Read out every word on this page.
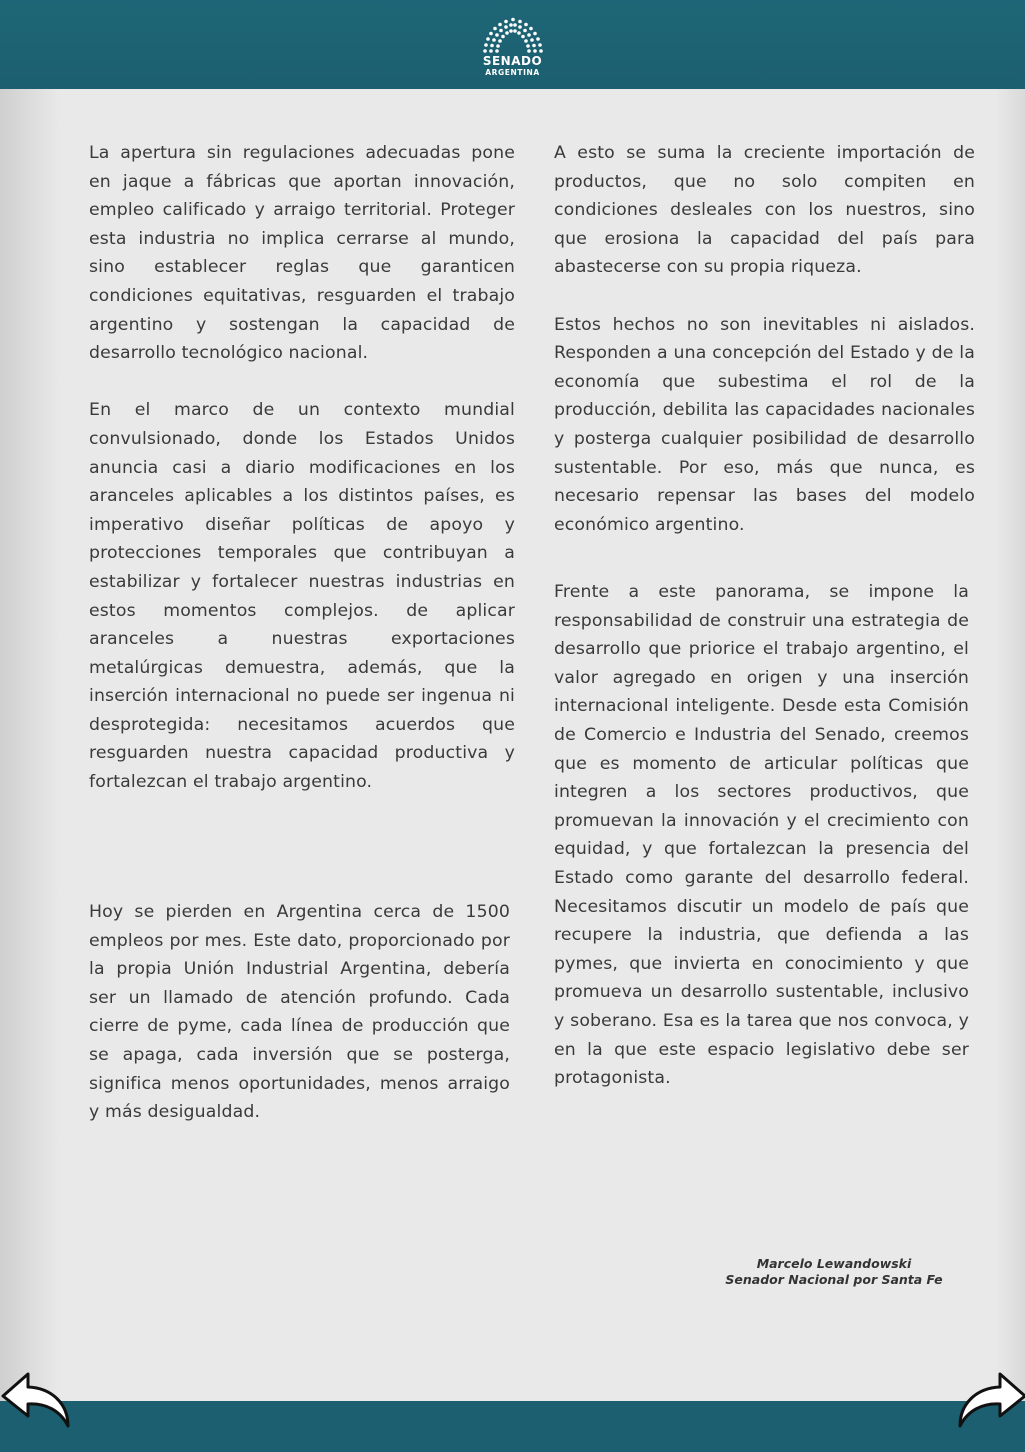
SENADO
ARGENTINA

La apertura sin regulaciones adecuadas pone en jaque a fábricas que aportan innovación, empleo calificado y arraigo territorial. Proteger esta industria no implica cerrarse al mundo, sino establecer reglas que garanticen condiciones equitativas, resguarden el trabajo argentino y sostengan la capacidad de desarrollo tecnológico nacional.

En el marco de un contexto mundial convulsionado, donde los Estados Unidos anuncia casi a diario modificaciones en los aranceles aplicables a los distintos países, es imperativo diseñar políticas de apoyo y protecciones temporales que contribuyan a estabilizar y fortalecer nuestras industrias en estos momentos complejos. de aplicar aranceles a nuestras exportaciones metalúrgicas demuestra, además, que la inserción internacional no puede ser ingenua ni desprotegida: necesitamos acuerdos que resguarden nuestra capacidad productiva y fortalezcan el trabajo argentino.

Hoy se pierden en Argentina cerca de 1500 empleos por mes. Este dato, proporcionado por la propia Unión Industrial Argentina, debería ser un llamado de atención profundo. Cada cierre de pyme, cada línea de producción que se apaga, cada inversión que se posterga, significa menos oportunidades, menos arraigo y más desigualdad.

A esto se suma la creciente importación de productos, que no solo compiten en condiciones desleales con los nuestros, sino que erosiona la capacidad del país para abastecerse con su propia riqueza.

Estos hechos no son inevitables ni aislados. Responden a una concepción del Estado y de la economía que subestima el rol de la producción, debilita las capacidades nacionales y posterga cualquier posibilidad de desarrollo sustentable. Por eso, más que nunca, es necesario repensar las bases del modelo económico argentino.

Frente a este panorama, se impone la responsabilidad de construir una estrategia de desarrollo que priorice el trabajo argentino, el valor agregado en origen y una inserción internacional inteligente. Desde esta Comisión de Comercio e Industria del Senado, creemos que es momento de articular políticas que integren a los sectores productivos, que promuevan la innovación y el crecimiento con equidad, y que fortalezcan la presencia del Estado como garante del desarrollo federal. Necesitamos discutir un modelo de país que recupere la industria, que defienda a las pymes, que invierta en conocimiento y que promueva un desarrollo sustentable, inclusivo y soberano. Esa es la tarea que nos convoca, y en la que este espacio legislativo debe ser protagonista.

Marcelo Lewandowski
Senador Nacional por Santa Fe
